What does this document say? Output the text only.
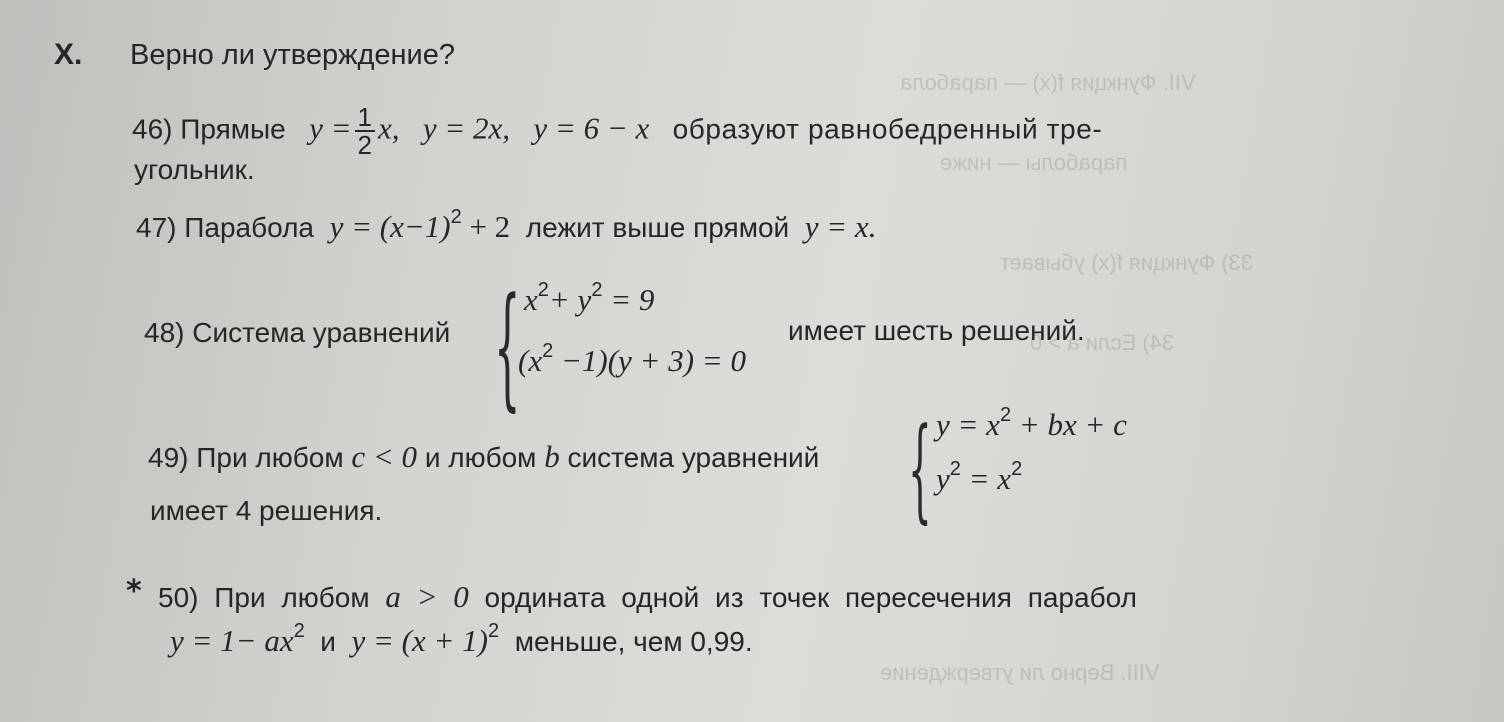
VII. Функция f(x) — парабола
параболы — ниже
33) Функция f(x) убывает
34) Если a > 0
VIII. Верно ли утверждение
X. Верно ли утверждение?
46) Прямые $y = \frac{1}{2} x$, y = 2x, y = 6 − x образуют равнобедренный тре-
угольник.
47) Парабола $y = (x-1)^2 + 2$ лежит выше прямой y = x.
48) Система уравнений { $x^2+ y^2 = 9$
$(x^2 -1)(y + 3) = 0$
имеет шесть решений.
49) При любом c < 0 и любом b система уравнений { $y = x^2$ + bx + c
$y^2 = x^2$
имеет 4 решения.
* 50) При любом a > 0 ордината одной из точек пересечения парабол
$y = 1- ax^2$ и $y = (x + 1)^2$ меньше, чем 0,99.
